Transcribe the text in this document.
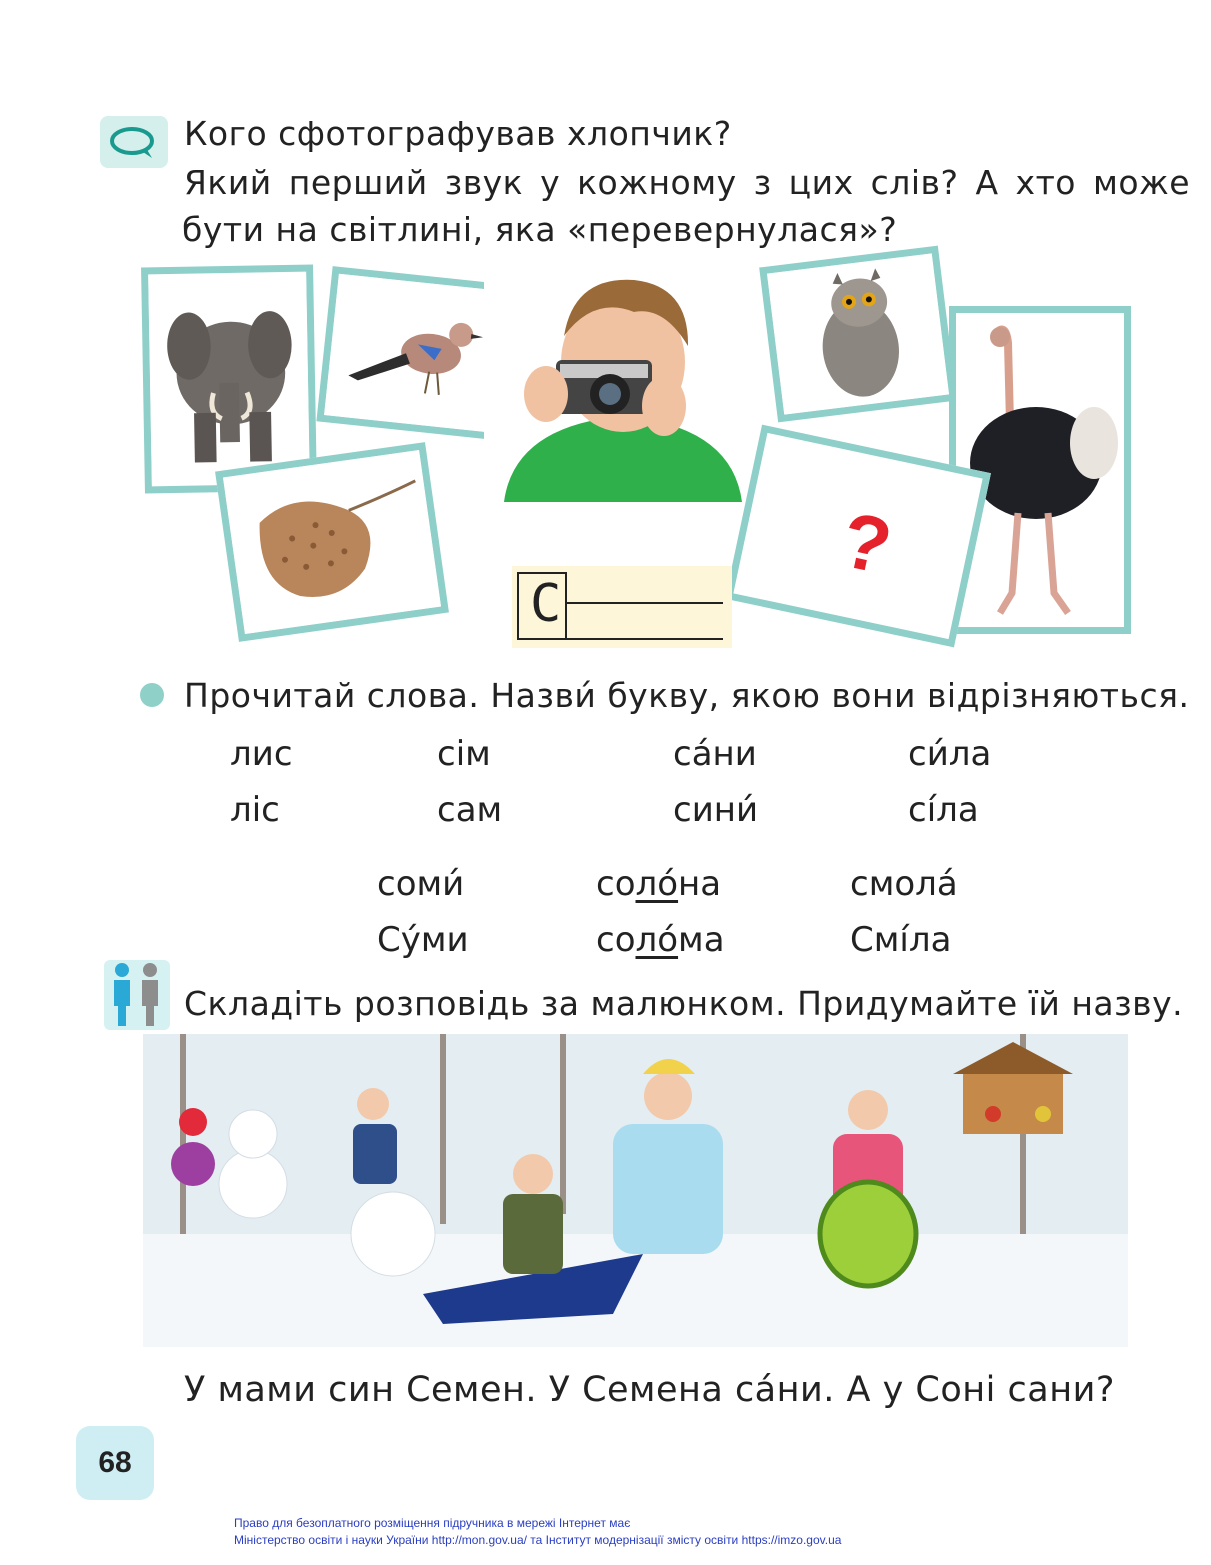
Кого сфотографував хлопчик?
Який перший звук у кожному з цих слів? А хто може
бути на світлині, яка «перевернулася»?
?
С
Прочитай слова. Назви́ букву, якою вони відрізняються.
лис	сім	са́ни	си́ла
ліс	сам	сини́	сі́ла
соми́	соло́на	смола́
Су́ми	соло́ма	Смі́ла
Складіть розповідь за малюнком. Придумайте їй назву.
У мами син Семен. У Семена са́ни. А у Соні сани?
68
Право для безоплатного розміщення підручника в мережі Інтернет має
Міністерство освіти і науки України http://mon.gov.ua/ та Інститут модернізації змісту освіти https://imzo.gov.ua
